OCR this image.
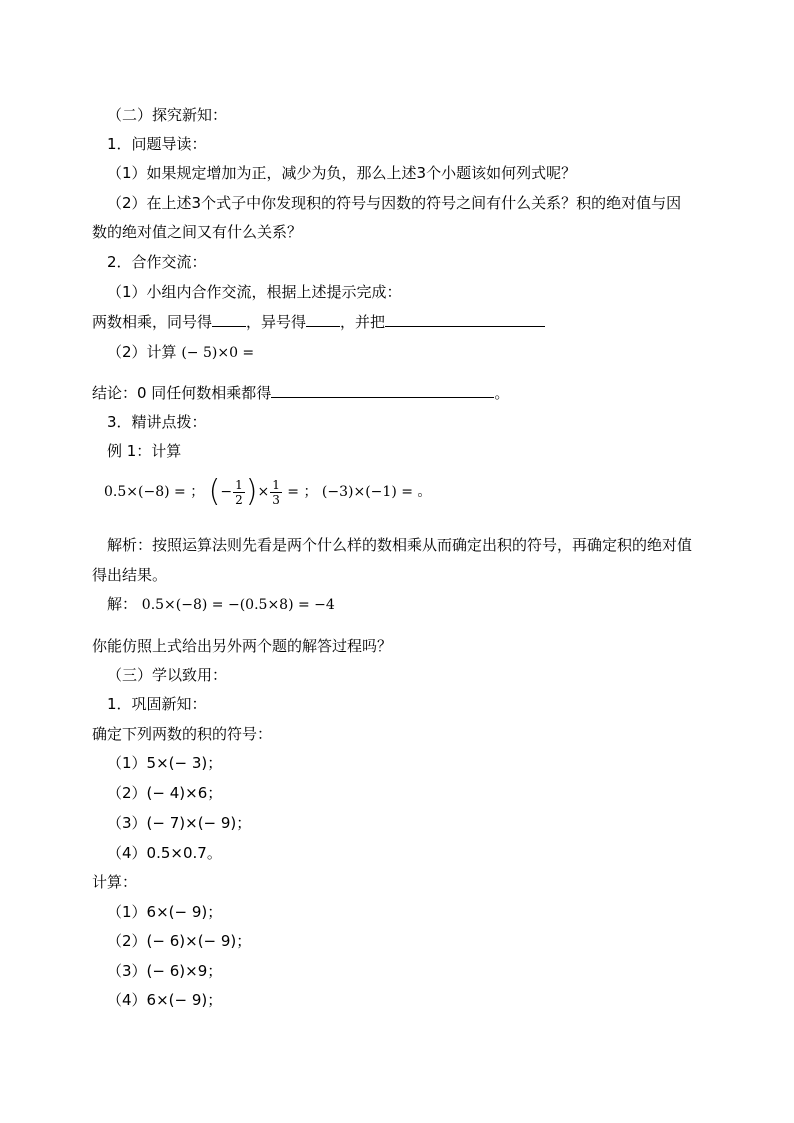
（二）探究新知：
1．问题导读：
（1）如果规定增加为正，减少为负，那么上述3个小题该如何列式呢？
（2）在上述3个式子中你发现积的符号与因数的符号之间有什么关系？积的绝对值与因
数的绝对值之间又有什么关系？
2．合作交流：
（1）小组内合作交流，根据上述提示完成：
两数相乘，同号得 ，异号得 ，并把
（2）计算 (− 5)×0 =
结论：0 同任何数相乘都得	。
3．精讲点拨：
例 1：计算
0.5×(−8) = ； (− $\frac{1}{2}$ )× $\frac{1}{3}$ = ； (−3)×(−1) = 。
解析：按照运算法则先看是两个什么样的数相乘从而确定出积的符号，再确定积的绝对值
得出结果。
解： 0.5×(−8) = −(0.5×8) = −4
你能仿照上式给出另外两个题的解答过程吗？
（三）学以致用：
1．巩固新知：
确定下列两数的积的符号：
（1）5×(− 3)；
（2）(− 4)×6；
（3）(− 7)×(− 9)；
（4）0.5×0.7。
计算：
（1）6×(− 9)；
（2）(− 6)×(− 9)；
（3）(− 6)×9；
（4）6×(− 9)；
